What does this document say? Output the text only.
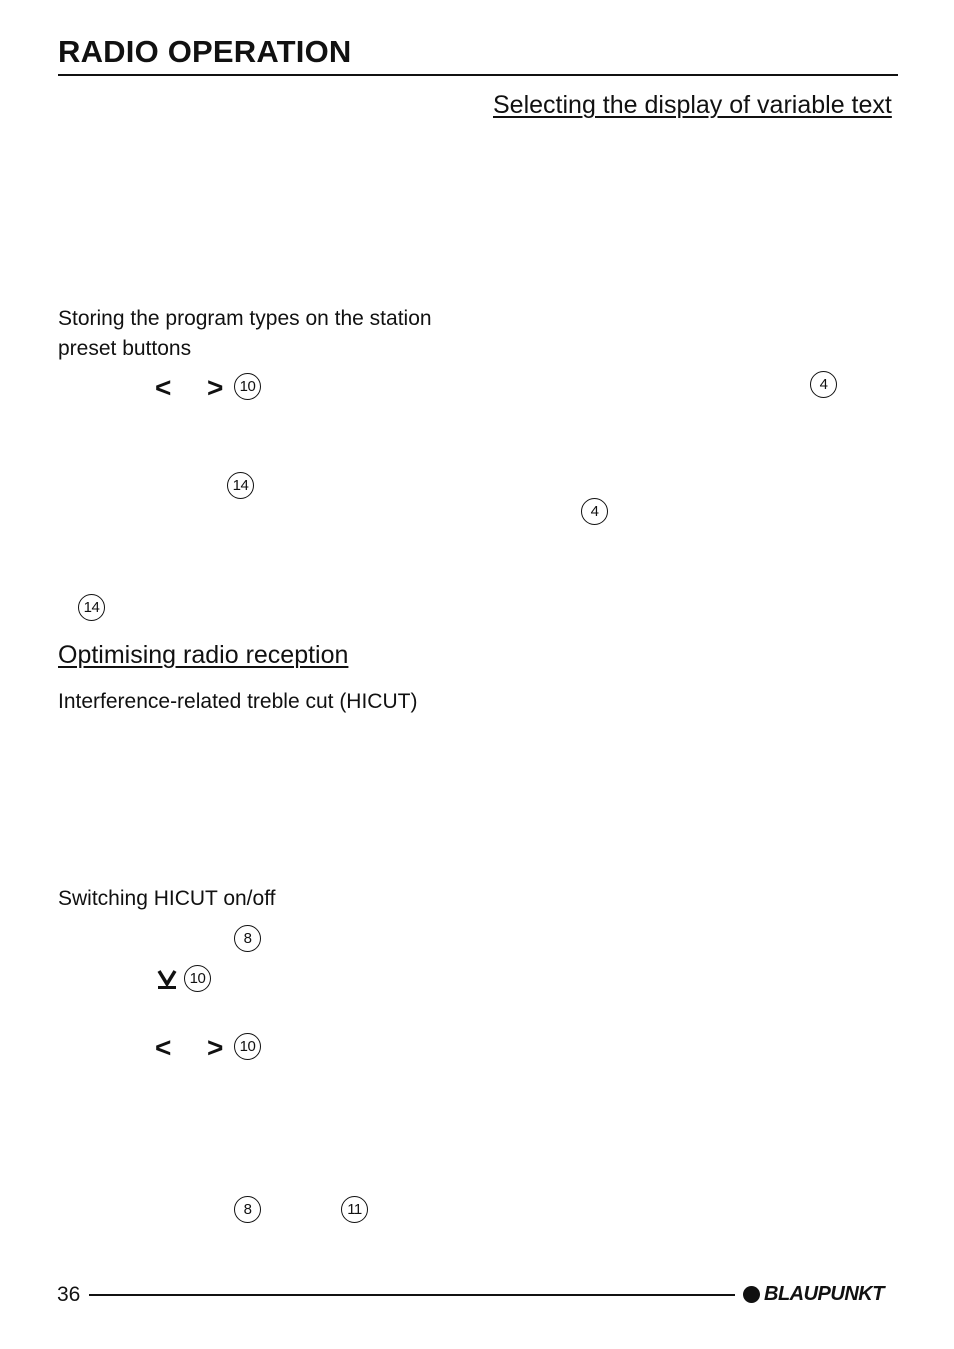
RADIO OPERATION
Selecting the display of variable text
Storing the program types on the station preset buttons
< >	10
14
14
4
4
Optimising radio reception
Interference-related treble cut (HICUT)
Switching HICUT on/off
8
10
< >	10
8	11
36	BLAUPUNKT
